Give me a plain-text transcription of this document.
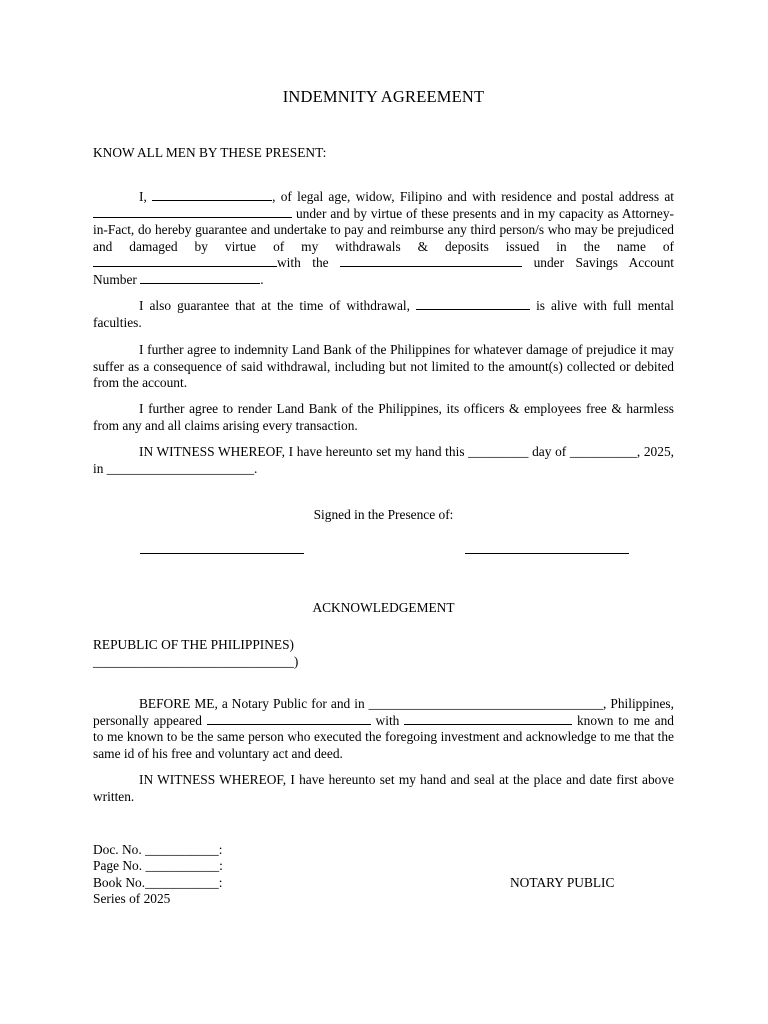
INDEMNITY AGREEMENT
KNOW ALL MEN BY THESE PRESENT:

I,	, of legal age, widow, Filipino and with residence and postal address at  under and by virtue of these presents and in my capacity as Attorney-in-Fact, do hereby guarantee and undertake to pay and reimburse any third person/s who may be prejudiced and damaged by virtue of my withdrawals & deposits issued in the name of with the	under Savings Account Number	.

I also guarantee that at the time of withdrawal,	is alive with full mental faculties.

I further agree to indemnity Land Bank of the Philippines for whatever damage of prejudice it may suffer as a consequence of said withdrawal, including but not limited to the amount(s) collected or debited from the account.

I further agree to render Land Bank of the Philippines, its officers & employees free & harmless from any and all claims arising every transaction.

IN WITNESS WHEREOF, I have hereunto set my hand this _________ day of __________, 2025, in ______________________.

Signed in the Presence of:
ACKNOWLEDGEMENT
REPUBLIC OF THE PHILIPPINES)
______________________________)

BEFORE ME, a Notary Public for and in ___________________________________, Philippines, personally appeared	with	known to me and to me known to be the same person who executed the foregoing investment and acknowledge to me that the same id of his free and voluntary act and deed.

IN WITNESS WHEREOF, I have hereunto set my hand and seal at the place and date first above written.

Doc. No. ___________:
Page No. ___________:
Book No.___________:
Series of 2025
NOTARY PUBLIC
